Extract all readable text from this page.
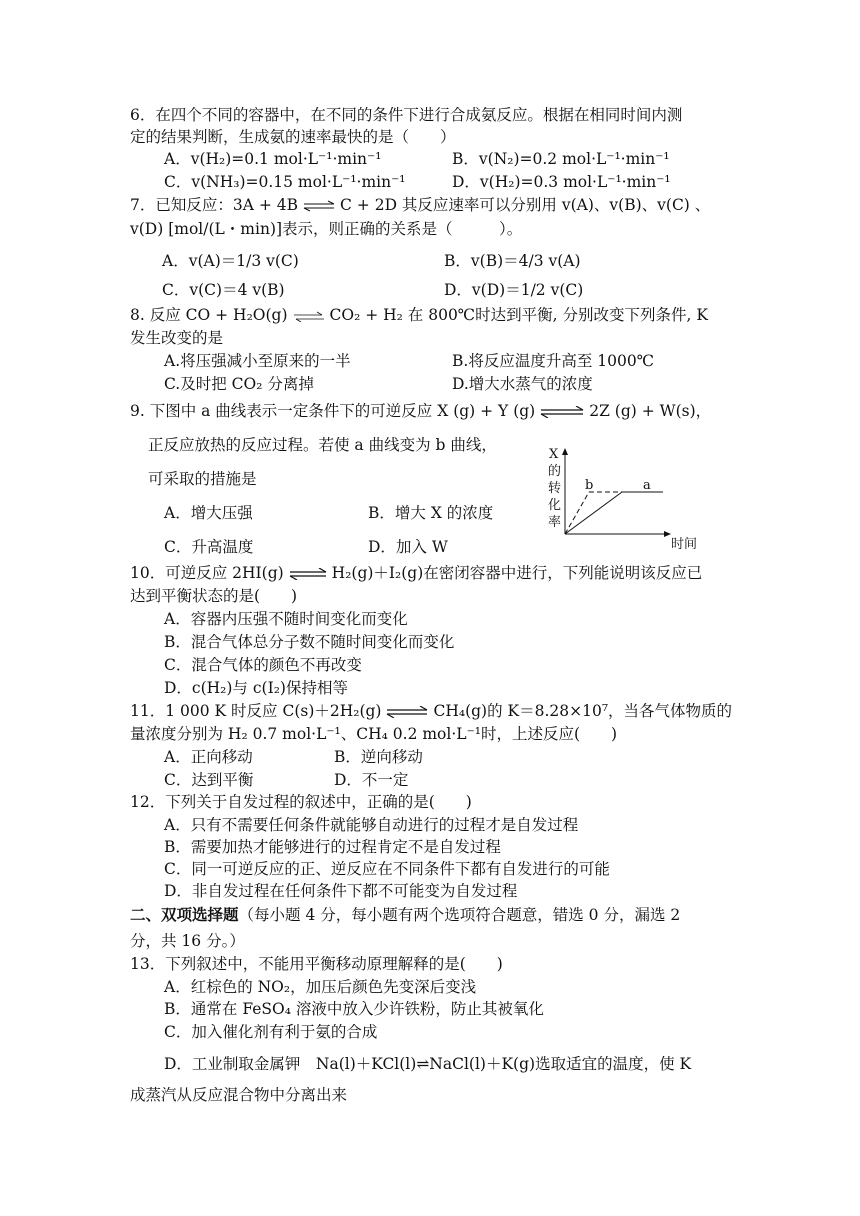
6．在四个不同的容器中，在不同的条件下进行合成氨反应。根据在相同时间内测
定的结果判断，生成氨的速率最快的是（　　）
A．v(H₂)=0.1 mol·L⁻¹·min⁻¹	B．v(N₂)=0.2 mol·L⁻¹·min⁻¹
C．v(NH₃)=0.15 mol·L⁻¹·min⁻¹	D．v(H₂)=0.3 mol·L⁻¹·min⁻¹
7．已知反应：3A + 4B ⇌ C + 2D 其反应速率可以分别用 v(A)、v(B)、v(C) 、
v(D) [mol/(L・min)]表示，则正确的关系是（　　　）。
A．v(A)＝1/3 v(C)	B．v(B)＝4/3 v(A)
C．v(C)＝4 v(B)	D．v(D)＝1/2 v(C)
8. 反应 CO + H₂O(g) ⇌ CO₂ + H₂ 在 800℃时达到平衡, 分别改变下列条件, K
发生改变的是
A.将压强减小至原来的一半	B.将反应温度升高至 1000℃
C.及时把 CO₂ 分离掉	D.增大水蒸气的浓度
9. 下图中 a 曲线表示一定条件下的可逆反应 X (g) + Y (g) ⇌ 2Z (g) + W(s)，
正反应放热的反应过程。若使 a 曲线变为 b 曲线，
可采取的措施是
A．增大压强	B．增大 X 的浓度
C．升高温度	D．加入 W
X
的
转
化
率
b	a
时间
10．可逆反应 2HI(g) ⇌ H₂(g)＋I₂(g)在密闭容器中进行，下列能说明该反应已
达到平衡状态的是(　　)
A．容器内压强不随时间变化而变化
B．混合气体总分子数不随时间变化而变化
C．混合气体的颜色不再改变
D．c(H₂)与 c(I₂)保持相等
11．1 000 K 时反应 C(s)＋2H₂(g) ⇌ CH₄(g)的 K＝8.28×10⁷，当各气体物质的
量浓度分别为 H₂ 0.7 mol·L⁻¹、CH₄ 0.2 mol·L⁻¹时，上述反应(　　)
A．正向移动	B．逆向移动
C．达到平衡	D．不一定
12．下列关于自发过程的叙述中，正确的是(　　)
A．只有不需要任何条件就能够自动进行的过程才是自发过程
B．需要加热才能够进行的过程肯定不是自发过程
C．同一可逆反应的正、逆反应在不同条件下都有自发进行的可能
D．非自发过程在任何条件下都不可能变为自发过程
二、双项选择题（每小题 4 分，每小题有两个选项符合题意，错选 0 分，漏选 2
分，共 16 分。）
13．下列叙述中，不能用平衡移动原理解释的是(　　)
A．红棕色的 NO₂，加压后颜色先变深后变浅
B．通常在 FeSO₄ 溶液中放入少许铁粉，防止其被氧化
C．加入催化剂有利于氨的合成
D．工业制取金属钾　Na(l)＋KCl(l)⇌NaCl(l)＋K(g)选取适宜的温度，使 K
成蒸汽从反应混合物中分离出来
